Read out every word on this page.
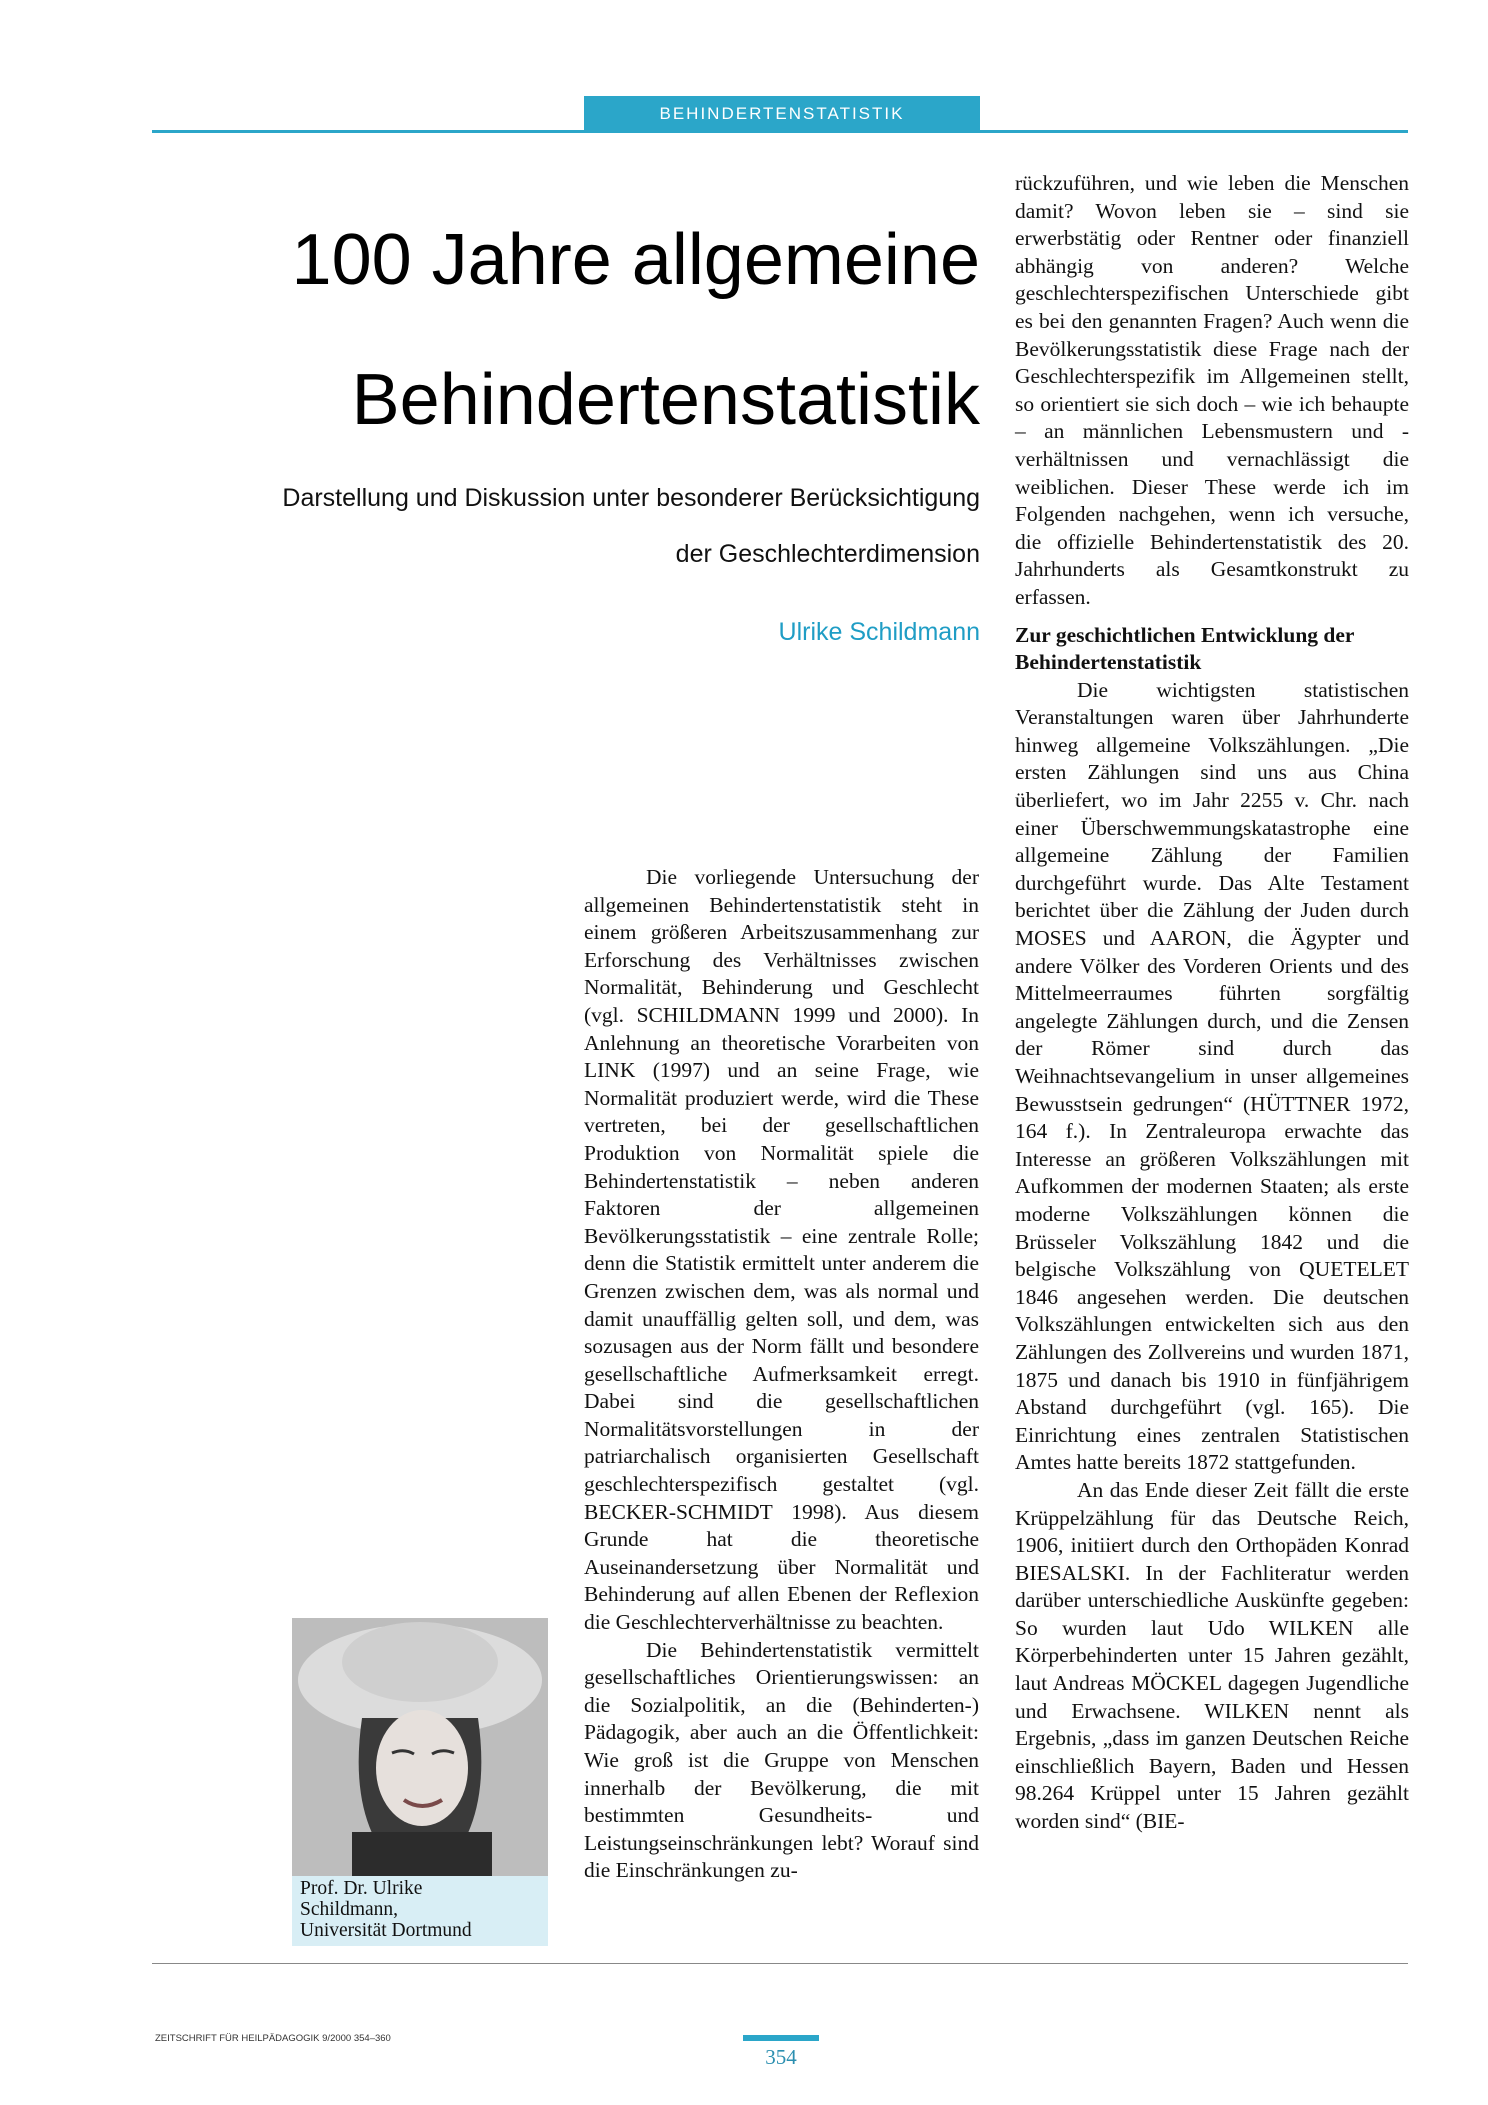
BEHINDERTENSTATISTIK
100 Jahre allgemeine
Behindertenstatistik

Darstellung und Diskussion unter besonderer Berücksichtigung
der Geschlechterdimension

Ulrike Schildmann

Die vorliegende Untersuchung der allgemeinen Behindertenstatistik steht in einem größeren Arbeitszusammenhang zur Erforschung des Verhältnisses zwischen Normalität, Behinderung und Geschlecht (vgl. SCHILDMANN 1999 und 2000). In Anlehnung an theoretische Vorarbeiten von LINK (1997) und an seine Frage, wie Normalität produziert werde, wird die These vertreten, bei der gesellschaftlichen Produktion von Normalität spiele die Behindertenstatistik – neben anderen Faktoren der allgemeinen Bevölkerungsstatistik – eine zentrale Rolle; denn die Statistik ermittelt unter anderem die Grenzen zwischen dem, was als normal und damit unauffällig gelten soll, und dem, was sozusagen aus der Norm fällt und besondere gesellschaftliche Aufmerksamkeit erregt. Dabei sind die gesellschaftlichen Normalitätsvorstellungen in der patriarchalisch organisierten Gesellschaft geschlechterspezifisch gestaltet (vgl. BECKER-SCHMIDT 1998). Aus diesem Grunde hat die theoretische Auseinandersetzung über Normalität und Behinderung auf allen Ebenen der Reflexion die Geschlechterverhältnisse zu beachten.

Die Behindertenstatistik vermittelt gesellschaftliches Orientierungswissen: an die Sozialpolitik, an die (Behinderten-) Pädagogik, aber auch an die Öffentlichkeit: Wie groß ist die Gruppe von Menschen innerhalb der Bevölkerung, die mit bestimmten Gesundheits- und Leistungseinschränkungen lebt? Worauf sind die Einschränkungen zu-

rückzuführen, und wie leben die Menschen damit? Wovon leben sie – sind sie erwerbstätig oder Rentner oder finanziell abhängig von anderen? Welche geschlechterspezifischen Unterschiede gibt es bei den genannten Fragen? Auch wenn die Bevölkerungsstatistik diese Frage nach der Geschlechterspezifik im Allgemeinen stellt, so orientiert sie sich doch – wie ich behaupte – an männlichen Lebensmustern und -verhältnissen und vernachlässigt die weiblichen. Dieser These werde ich im Folgenden nachgehen, wenn ich versuche, die offizielle Behindertenstatistik des 20. Jahrhunderts als Gesamtkonstrukt zu erfassen.

Zur geschichtlichen Entwicklung der Behindertenstatistik

Die wichtigsten statistischen Veranstaltungen waren über Jahrhunderte hinweg allgemeine Volkszählungen. „Die ersten Zählungen sind uns aus China überliefert, wo im Jahr 2255 v. Chr. nach einer Überschwemmungskatastrophe eine allgemeine Zählung der Familien durchgeführt wurde. Das Alte Testament berichtet über die Zählung der Juden durch MOSES und AARON, die Ägypter und andere Völker des Vorderen Orients und des Mittelmeerraumes führten sorgfältig angelegte Zählungen durch, und die Zensen der Römer sind durch das Weihnachtsevangelium in unser allgemeines Bewusstsein gedrungen“ (HÜTTNER 1972, 164 f.). In Zentraleuropa erwachte das Interesse an größeren Volkszählungen mit Aufkommen der modernen Staaten; als erste moderne Volkszählungen können die Brüsseler Volkszählung 1842 und die belgische Volkszählung von QUETELET 1846 angesehen werden. Die deutschen Volkszählungen entwickelten sich aus den Zählungen des Zollvereins und wurden 1871, 1875 und danach bis 1910 in fünfjährigem Abstand durchgeführt (vgl. 165). Die Einrichtung eines zentralen Statistischen Amtes hatte bereits 1872 stattgefunden.

An das Ende dieser Zeit fällt die erste Krüppelzählung für das Deutsche Reich, 1906, initiiert durch den Orthopäden Konrad BIESALSKI. In der Fachliteratur werden darüber unterschiedliche Auskünfte gegeben: So wurden laut Udo WILKEN alle Körperbehinderten unter 15 Jahren gezählt, laut Andreas MÖCKEL dagegen Jugendliche und Erwachsene. WILKEN nennt als Ergebnis, „dass im ganzen Deutschen Reiche einschließlich Bayern, Baden und Hessen 98.264 Krüppel unter 15 Jahren gezählt worden sind“ (BIE-

Prof. Dr. Ulrike
Schildmann,
Universität Dortmund
ZEITSCHRIFT FÜR HEILPÄDAGOGIK 9/2000 354–360
354
